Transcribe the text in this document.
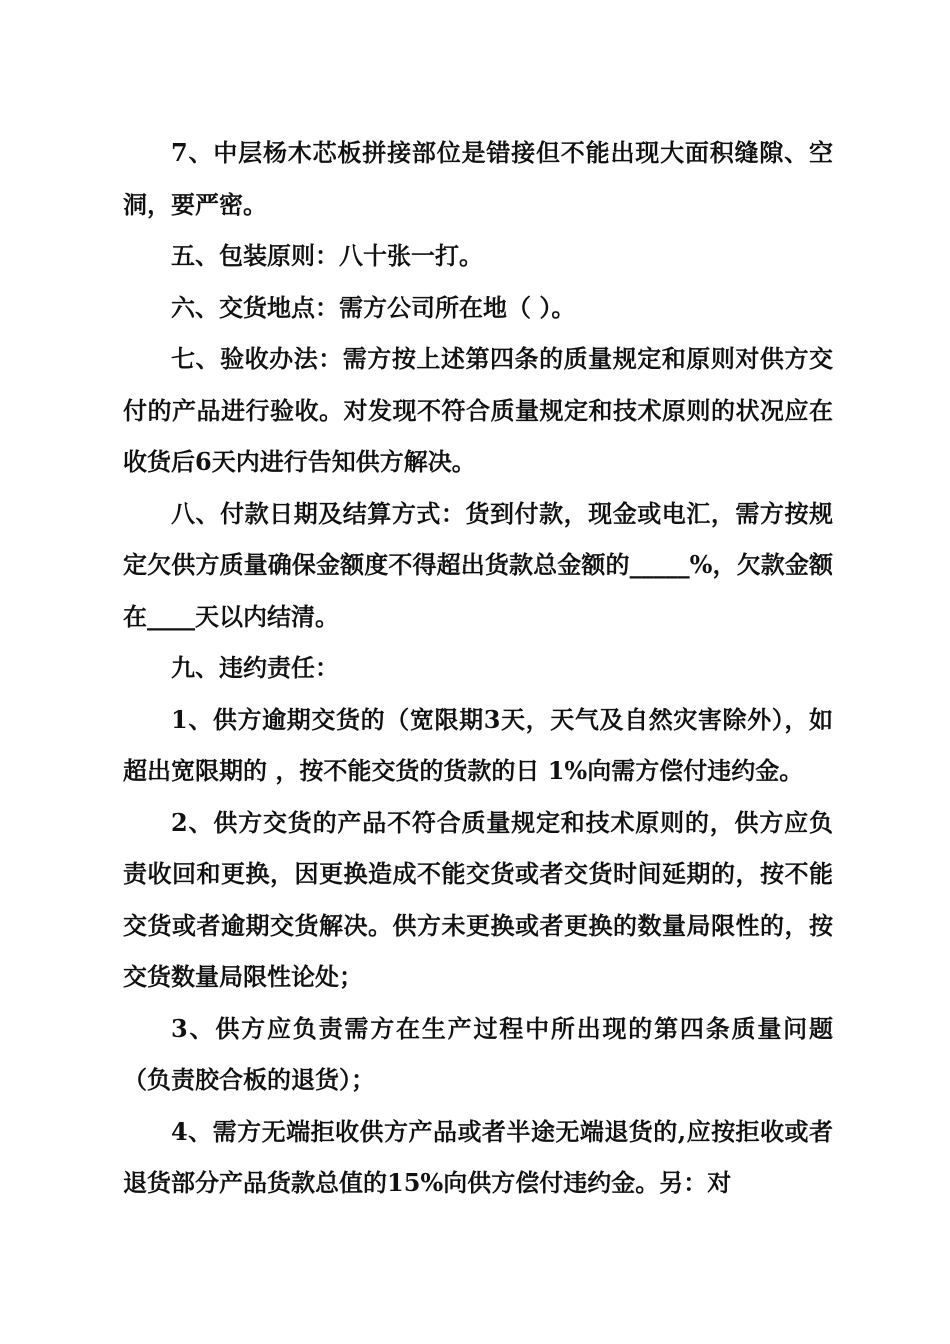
7、中层杨木芯板拼接部位是错接但不能出现大面积缝隙、空洞，要严密。

五、包装原则：八十张一打。

六、交货地点：需方公司所在地（ ）。

七、验收办法：需方按上述第四条的质量规定和原则对供方交付的产品进行验收。对发现不符合质量规定和技术原则的状况应在收货后6天内进行告知供方解决。

八、付款日期及结算方式：货到付款，现金或电汇，需方按规定欠供方质量确保金额度不得超出货款总金额的_____%，欠款金额在____天以内结清。

九、违约责任：

1、供方逾期交货的（宽限期3天，天气及自然灾害除外），如超出宽限期的 ，按不能交货的货款的日 1%向需方偿付违约金。

2、供方交货的产品不符合质量规定和技术原则的，供方应负责收回和更换，因更换造成不能交货或者交货时间延期的，按不能交货或者逾期交货解决。供方未更换或者更换的数量局限性的，按交货数量局限性论处；

3、供方应负责需方在生产过程中所出现的第四条质量问题（负责胶合板的退货）；

4、需方无端拒收供方产品或者半途无端退货的,应按拒收或者退货部分产品货款总值的15%向供方偿付违约金。另：对
